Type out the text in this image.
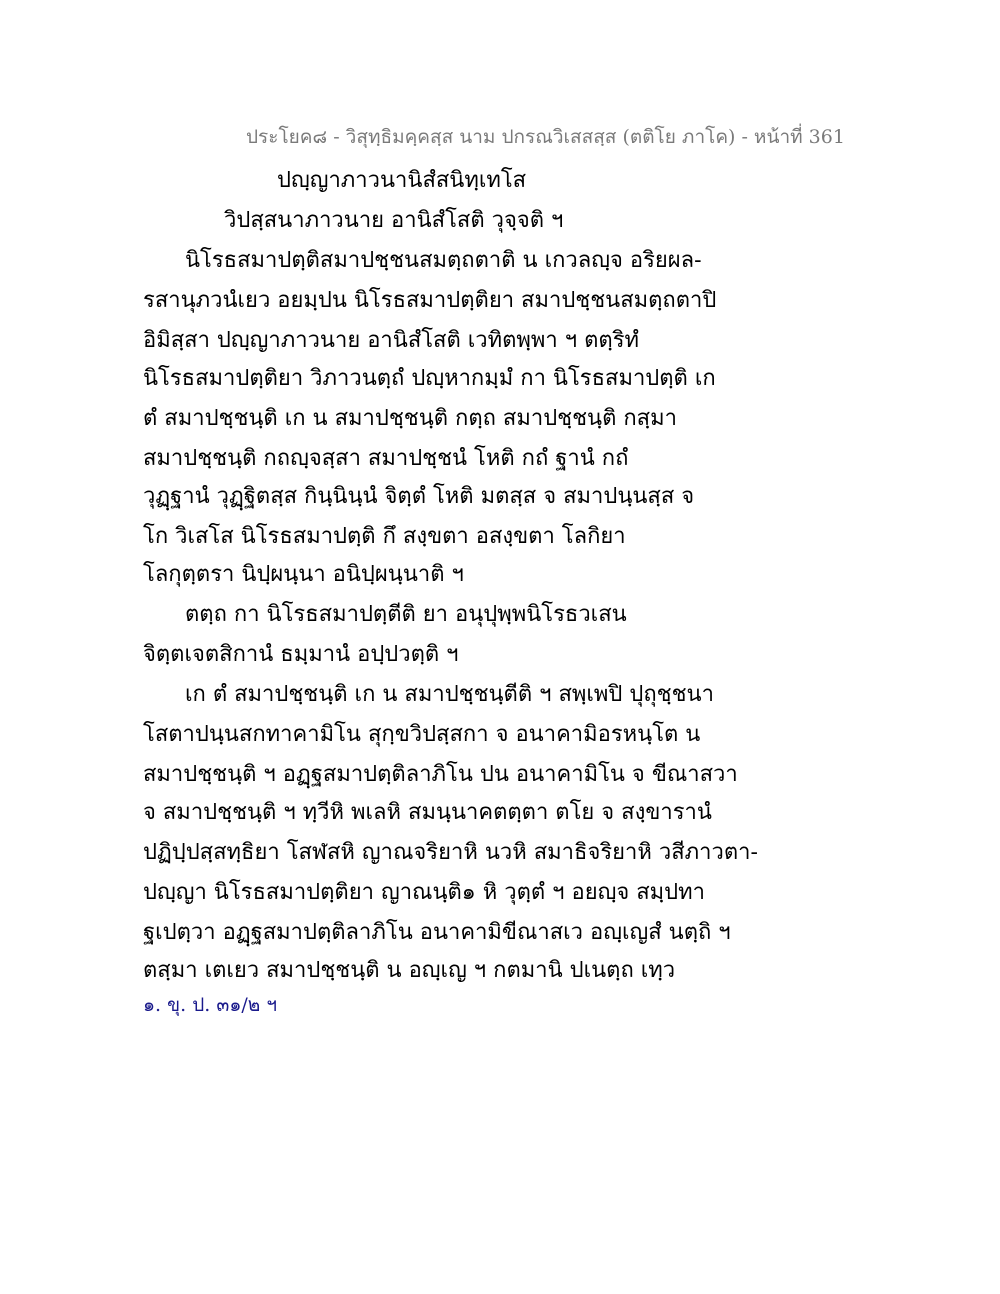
ประโยค๘ - วิสุทฺธิมคฺคสฺส นาม ปกรณวิเสสสฺส (ตติโย ภาโค) - หน้าที่ 361
ปญฺญาภาวนานิสํสนิทฺเทโส
วิปสฺสนาภาวนาย อานิสํโสติ วุจฺจติ ฯ
นิโรธสมาปตฺติสมาปชฺชนสมตฺถตาติ น เกวลญฺจ อริยผล-
รสานุภวนํเยว อยมฺปน นิโรธสมาปตฺติยา สมาปชฺชนสมตฺถตาปิ
อิมิสฺสา ปญฺญาภาวนาย อานิสํโสติ เวทิตพฺพา ฯ ตตฺริทํ
นิโรธสมาปตฺติยา วิภาวนตฺถํ ปญฺหากมฺมํ กา นิโรธสมาปตฺติ เก
ตํ สมาปชฺชนฺติ เก น สมาปชฺชนฺติ กตฺถ สมาปชฺชนฺติ กสฺมา
สมาปชฺชนฺติ กถญฺจสฺสา สมาปชฺชนํ โหติ กถํ ฐานํ กถํ
วุฏฺฐานํ วุฏฺฐิตสฺส กินฺนินฺนํ จิตฺตํ โหติ มตสฺส จ สมาปนฺนสฺส จ
โก วิเสโส นิโรธสมาปตฺติ กึ สงฺขตา อสงฺขตา โลกิยา
โลกุตฺตรา นิปฺผนฺนา อนิปฺผนฺนาติ ฯ
ตตฺถ กา นิโรธสมาปตฺตีติ ยา อนุปุพฺพนิโรธวเสน
จิตฺตเจตสิกานํ ธมฺมานํ อปฺปวตฺติ ฯ
เก ตํ สมาปชฺชนฺติ เก น สมาปชฺชนฺตีติ ฯ สพฺเพปิ ปุถุชฺชนา
โสตาปนฺนสกทาคามิโน สุกฺขวิปสฺสกา จ อนาคามิอรหนฺโต น
สมาปชฺชนฺติ ฯ อฏฺฐสมาปตฺติลาภิโน ปน อนาคามิโน จ ขีณาสวา
จ สมาปชฺชนฺติ ฯ ทฺวีหิ พเลหิ สมนฺนาคตตฺตา ตโย จ สงฺขารานํ
ปฏิปฺปสฺสทฺธิยา โสฬสหิ ญาณจริยาหิ นวหิ สมาธิจริยาหิ วสีภาวตา-
ปญฺญา นิโรธสมาปตฺติยา ญาณนฺติ๑ หิ วุตฺตํ ฯ อยญฺจ สมฺปทา
ฐเปตฺวา อฏฺฐสมาปตฺติลาภิโน อนาคามิขีณาสเว อญฺเญสํ นตฺถิ ฯ
ตสฺมา เตเยว สมาปชฺชนฺติ น อญฺเญ ฯ กตมานิ ปเนตฺถ เทฺว
๑. ขุ. ป. ๓๑/๒ ฯ
